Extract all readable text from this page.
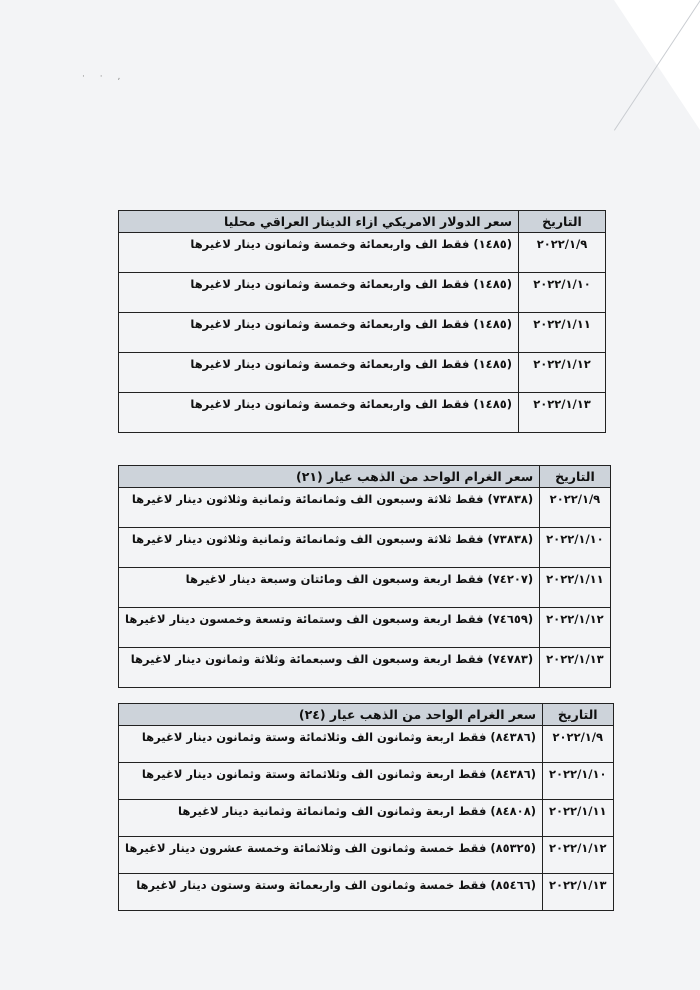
· · ,
التاريخ	سعر الدولار الامريكي ازاء الدينار العراقي محليا
٢٠٢٢/١/٩	(١٤٨٥) فقط الف واربعمائة وخمسة وثمانون دينار لاغيرها
٢٠٢٢/١/١٠	(١٤٨٥) فقط الف واربعمائة وخمسة وثمانون دينار لاغيرها
٢٠٢٢/١/١١	(١٤٨٥) فقط الف واربعمائة وخمسة وثمانون دينار لاغيرها
٢٠٢٢/١/١٢	(١٤٨٥) فقط الف واربعمائة وخمسة وثمانون دينار لاغيرها
٢٠٢٢/١/١٣	(١٤٨٥) فقط الف واربعمائة وخمسة وثمانون دينار لاغيرها
التاريخ	سعر الغرام الواحد من الذهب عيار (٢١)
٢٠٢٢/١/٩	(٧٣٨٣٨) فقط ثلاثة وسبعون الف وثمانمائة وثمانية وثلاثون دينار لاغيرها
٢٠٢٢/١/١٠	(٧٣٨٣٨) فقط ثلاثة وسبعون الف وثمانمائة وثمانية وثلاثون دينار لاغيرها
٢٠٢٢/١/١١	(٧٤٢٠٧) فقط اربعة وسبعون الف ومائتان وسبعة دينار لاغيرها
٢٠٢٢/١/١٢	(٧٤٦٥٩) فقط اربعة وسبعون الف وستمائة وتسعة وخمسون دينار لاغيرها
٢٠٢٢/١/١٣	(٧٤٧٨٣) فقط اربعة وسبعون الف وسبعمائة وثلاثة وثمانون دينار لاغيرها
التاريخ	سعر الغرام الواحد من الذهب عيار (٢٤)
٢٠٢٢/١/٩	(٨٤٣٨٦) فقط اربعة وثمانون الف وثلاثمائة وستة وثمانون دينار لاغيرها
٢٠٢٢/١/١٠	(٨٤٣٨٦) فقط اربعة وثمانون الف وثلاثمائة وستة وثمانون دينار لاغيرها
٢٠٢٢/١/١١	(٨٤٨٠٨) فقط اربعة وثمانون الف وثمانمائة وثمانية دينار لاغيرها
٢٠٢٢/١/١٢	(٨٥٣٢٥) فقط خمسة وثمانون الف وثلاثمائة وخمسة عشرون دينار لاغيرها
٢٠٢٢/١/١٣	(٨٥٤٦٦) فقط خمسة وثمانون الف واربعمائة وستة وستون دينار لاغيرها
